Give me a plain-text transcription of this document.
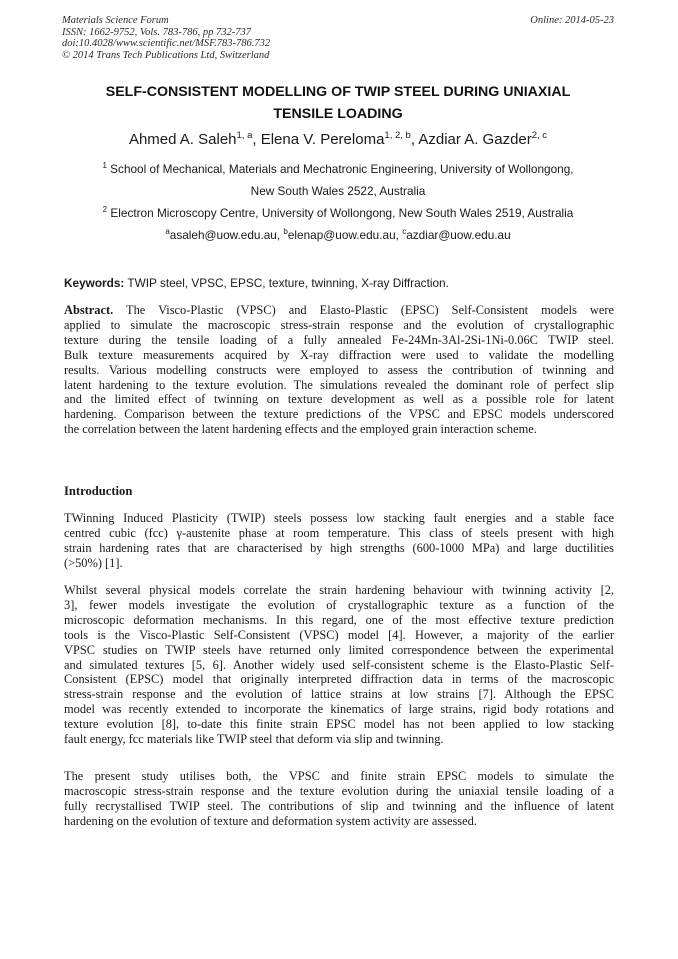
Materials Science Forum
ISSN: 1662-9752, Vols. 783-786, pp 732-737
doi:10.4028/www.scientific.net/MSF.783-786.732
© 2014 Trans Tech Publications Ltd, Switzerland
Online: 2014-05-23
SELF-CONSISTENT MODELLING OF TWIP STEEL DURING UNIAXIAL
TENSILE LOADING
Ahmed A. Saleh$^{1, a}$, Elena V. Pereloma$^{1, 2, b}$, Azdiar A. Gazder$^{2, c}$
$^1$ School of Mechanical, Materials and Mechatronic Engineering, University of Wollongong,
New South Wales 2522, Australia
$^2$ Electron Microscopy Centre, University of Wollongong, New South Wales 2519, Australia
$^a$asaleh@uow.edu.au, $^b$elenap@uow.edu.au, $^c$azdiar@uow.edu.au
Keywords: TWIP steel, VPSC, EPSC, texture, twinning, X-ray Diffraction.
Abstract. The Visco-Plastic (VPSC) and Elasto-Plastic (EPSC) Self-Consistent models were
applied to simulate the macroscopic stress-strain response and the evolution of crystallographic
texture during the tensile loading of a fully annealed Fe-24Mn-3Al-2Si-1Ni-0.06C TWIP steel.
Bulk texture measurements acquired by X-ray diffraction were used to validate the modelling
results. Various modelling constructs were employed to assess the contribution of twinning and
latent hardening to the texture evolution. The simulations revealed the dominant role of perfect slip
and the limited effect of twinning on texture development as well as a possible role for latent
hardening. Comparison between the texture predictions of the VPSC and EPSC models underscored
the correlation between the latent hardening effects and the employed grain interaction scheme.
Introduction
TWinning Induced Plasticity (TWIP) steels possess low stacking fault energies and a stable face
centred cubic (fcc) γ-austenite phase at room temperature. This class of steels present with high
strain hardening rates that are characterised by high strengths (600-1000 MPa) and large ductilities
(>50%) [1].
Whilst several physical models correlate the strain hardening behaviour with twinning activity [2,
3], fewer models investigate the evolution of crystallographic texture as a function of the
microscopic deformation mechanisms. In this regard, one of the most effective texture prediction
tools is the Visco-Plastic Self-Consistent (VPSC) model [4]. However, a majority of the earlier
VPSC studies on TWIP steels have returned only limited correspondence between the experimental
and simulated textures [5, 6]. Another widely used self-consistent scheme is the Elasto-Plastic Self-
Consistent (EPSC) model that originally interpreted diffraction data in terms of the macroscopic
stress-strain response and the evolution of lattice strains at low strains [7]. Although the EPSC
model was recently extended to incorporate the kinematics of large strains, rigid body rotations and
texture evolution [8], to-date this finite strain EPSC model has not been applied to low stacking
fault energy, fcc materials like TWIP steel that deform via slip and twinning.
The present study utilises both, the VPSC and finite strain EPSC models to simulate the
macroscopic stress-strain response and the texture evolution during the uniaxial tensile loading of a
fully recrystallised TWIP steel. The contributions of slip and twinning and the influence of latent
hardening on the evolution of texture and deformation system activity are assessed.
